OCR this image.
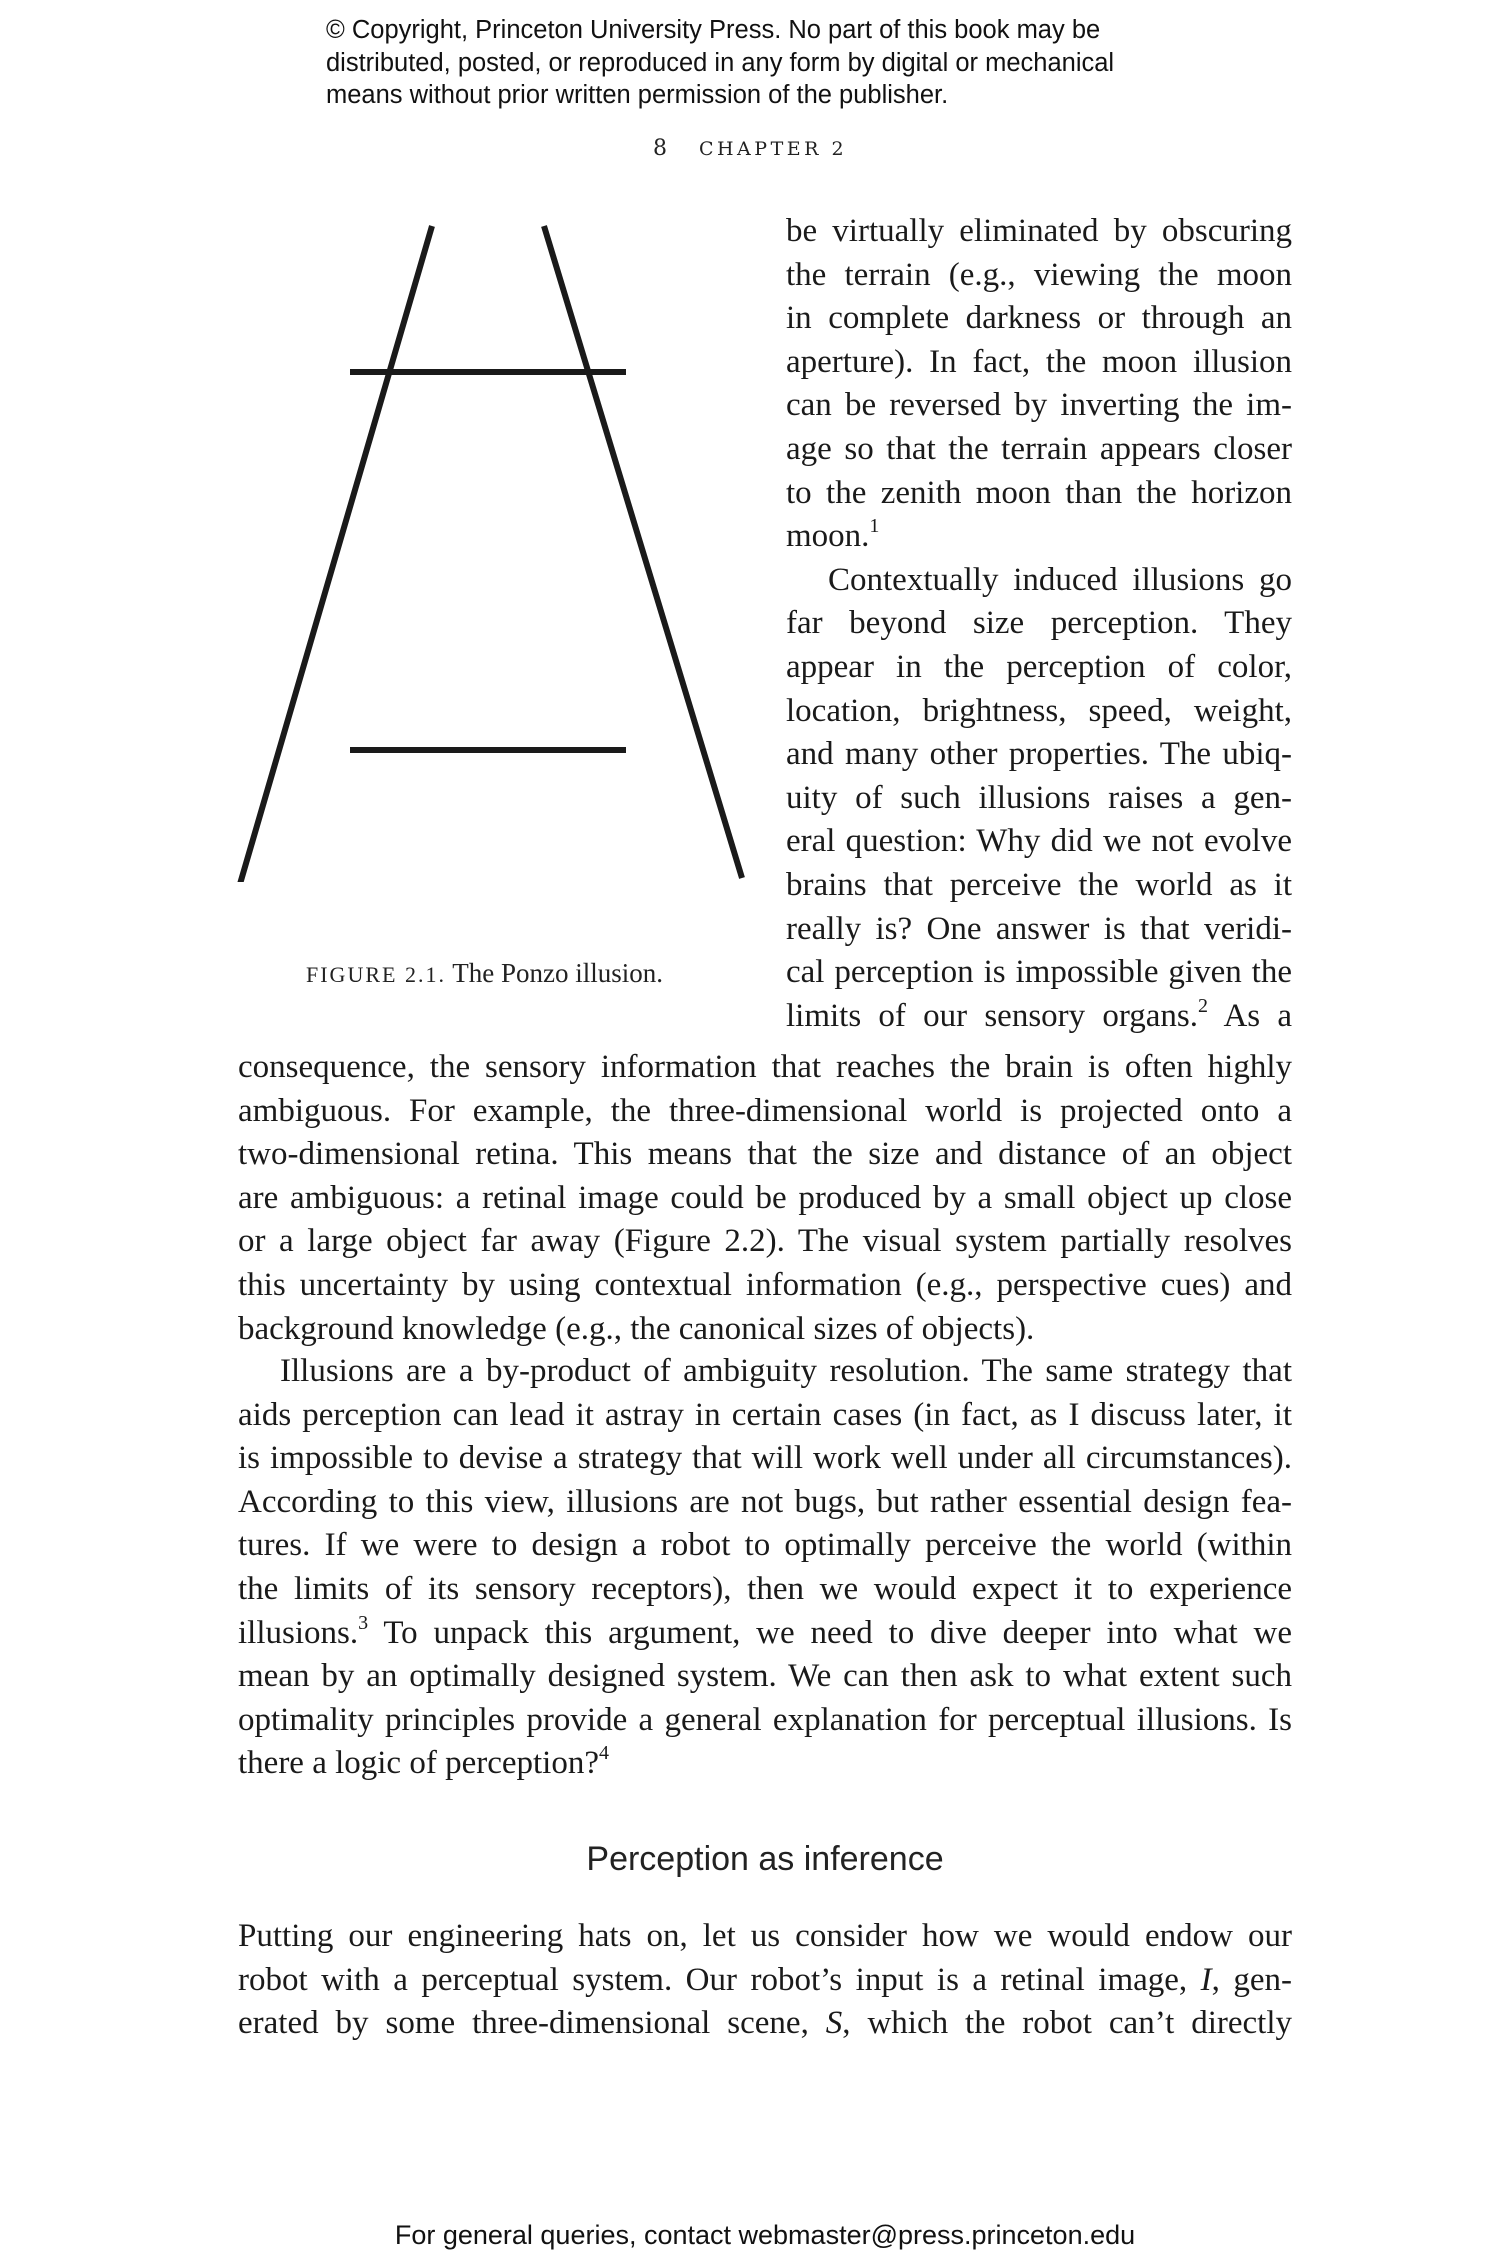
© Copyright, Princeton University Press. No part of this book may be
distributed, posted, or reproduced in any form by digital or mechanical
means without prior written permission of the publisher.
8 CHAPTER 2
FIGURE 2.1. The Ponzo illusion.
be virtually eliminated by obscuring
the terrain (e.g., viewing the moon
in complete darkness or through an
aperture). In fact, the moon illusion
can be reversed by inverting the im-
age so that the terrain appears closer
to the zenith moon than the horizon
moon.$^1$
Contextually induced illusions go
far beyond size perception. They
appear in the perception of color,
location, brightness, speed, weight,
and many other properties. The ubiq-
uity of such illusions raises a gen-
eral question: Why did we not evolve
brains that perceive the world as it
really is? One answer is that veridi-
cal perception is impossible given the
limits of our sensory organs.$^2$ As a
consequence, the sensory information that reaches the brain is often highly
ambiguous. For example, the three-dimensional world is projected onto a
two-dimensional retina. This means that the size and distance of an object
are ambiguous: a retinal image could be produced by a small object up close
or a large object far away (Figure 2.2). The visual system partially resolves
this uncertainty by using contextual information (e.g., perspective cues) and
background knowledge (e.g., the canonical sizes of objects).
Illusions are a by-product of ambiguity resolution. The same strategy that
aids perception can lead it astray in certain cases (in fact, as I discuss later, it
is impossible to devise a strategy that will work well under all circumstances).
According to this view, illusions are not bugs, but rather essential design fea-
tures. If we were to design a robot to optimally perceive the world (within
the limits of its sensory receptors), then we would expect it to experience
illusions.$^3$ To unpack this argument, we need to dive deeper into what we
mean by an optimally designed system. We can then ask to what extent such
optimality principles provide a general explanation for perceptual illusions. Is
there a logic of perception?$^4$
Perception as inference
Putting our engineering hats on, let us consider how we would endow our
robot with a perceptual system. Our robot’s input is a retinal image, I, gen-
erated by some three-dimensional scene, S, which the robot can’t directly
For general queries, contact webmaster@press.princeton.edu
